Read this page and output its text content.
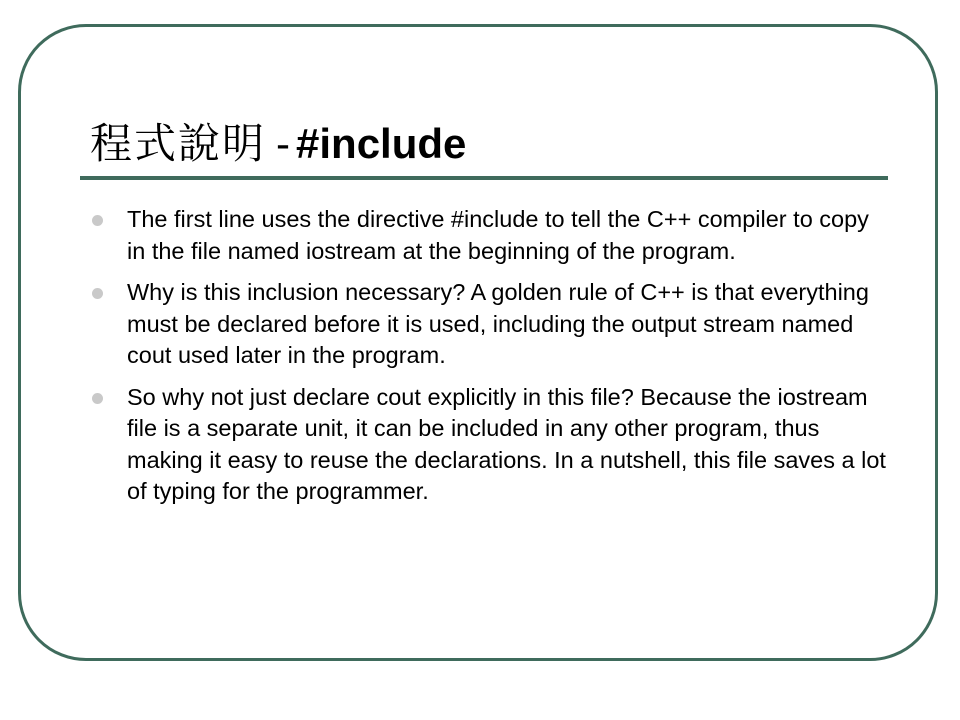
程式說明 - #include
The first line uses the directive #include to tell the C++ compiler to copy in the file named iostream at the beginning of the program.
Why is this inclusion necessary? A golden rule of C++ is that everything must be declared before it is used, including the output stream named cout used later in the program.
So why not just declare cout explicitly in this file? Because the iostream file is a separate unit, it can be included in any other program, thus making it easy to reuse the declarations. In a nutshell, this file saves a lot of typing for the programmer.
